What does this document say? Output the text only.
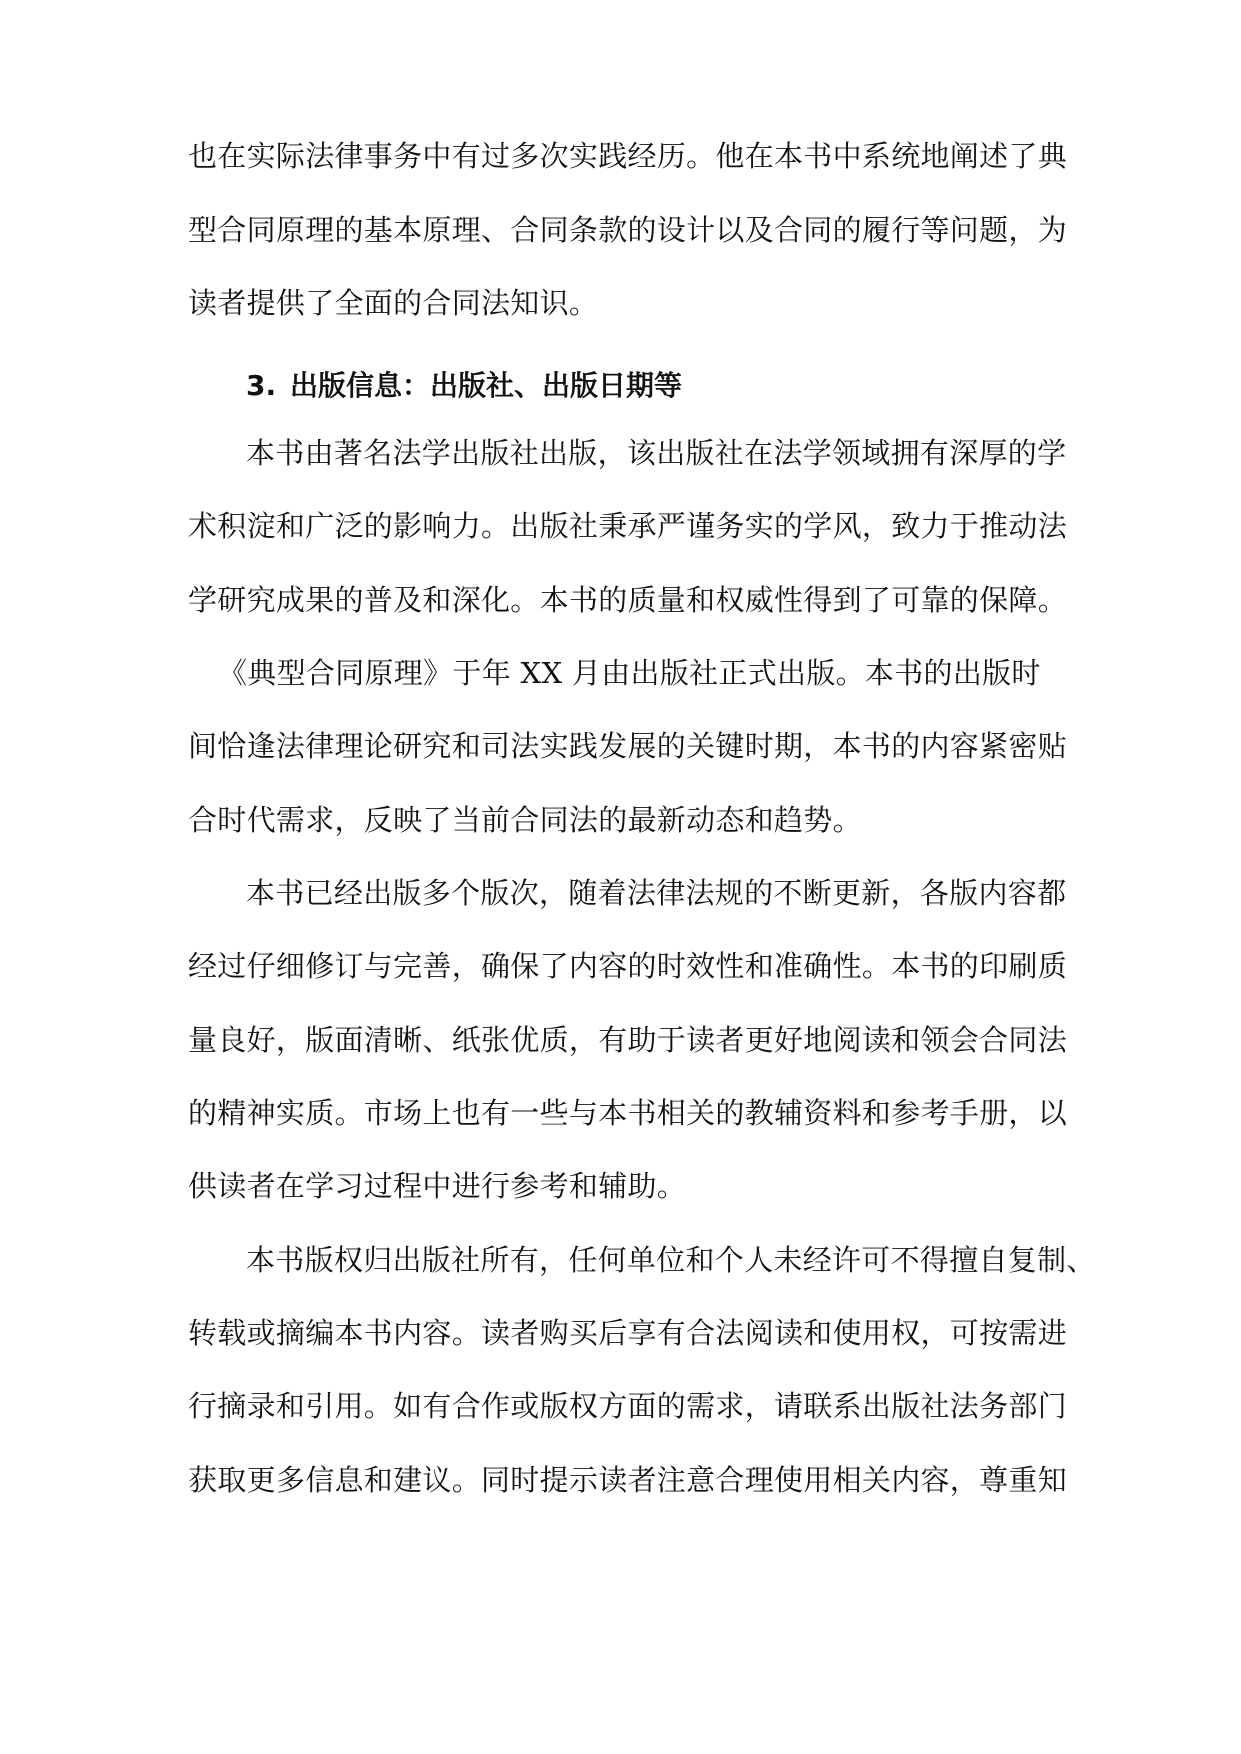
也在实际法律事务中有过多次实践经历。他在本书中系统地阐述了典
型合同原理的基本原理、合同条款的设计以及合同的履行等问题，为
读者提供了全面的合同法知识。
3. 出版信息：出版社、出版日期等
本书由著名法学出版社出版，该出版社在法学领域拥有深厚的学
术积淀和广泛的影响力。出版社秉承严谨务实的学风，致力于推动法
学研究成果的普及和深化。本书的质量和权威性得到了可靠的保障。
《典型合同原理》于年 XX 月由出版社正式出版。本书的出版时
间恰逢法律理论研究和司法实践发展的关键时期，本书的内容紧密贴
合时代需求，反映了当前合同法的最新动态和趋势。
本书已经出版多个版次，随着法律法规的不断更新，各版内容都
经过仔细修订与完善，确保了内容的时效性和准确性。本书的印刷质
量良好，版面清晰、纸张优质，有助于读者更好地阅读和领会合同法
的精神实质。市场上也有一些与本书相关的教辅资料和参考手册，以
供读者在学习过程中进行参考和辅助。
本书版权归出版社所有，任何单位和个人未经许可不得擅自复制、
转载或摘编本书内容。读者购买后享有合法阅读和使用权，可按需进
行摘录和引用。如有合作或版权方面的需求，请联系出版社法务部门
获取更多信息和建议。同时提示读者注意合理使用相关内容，尊重知
